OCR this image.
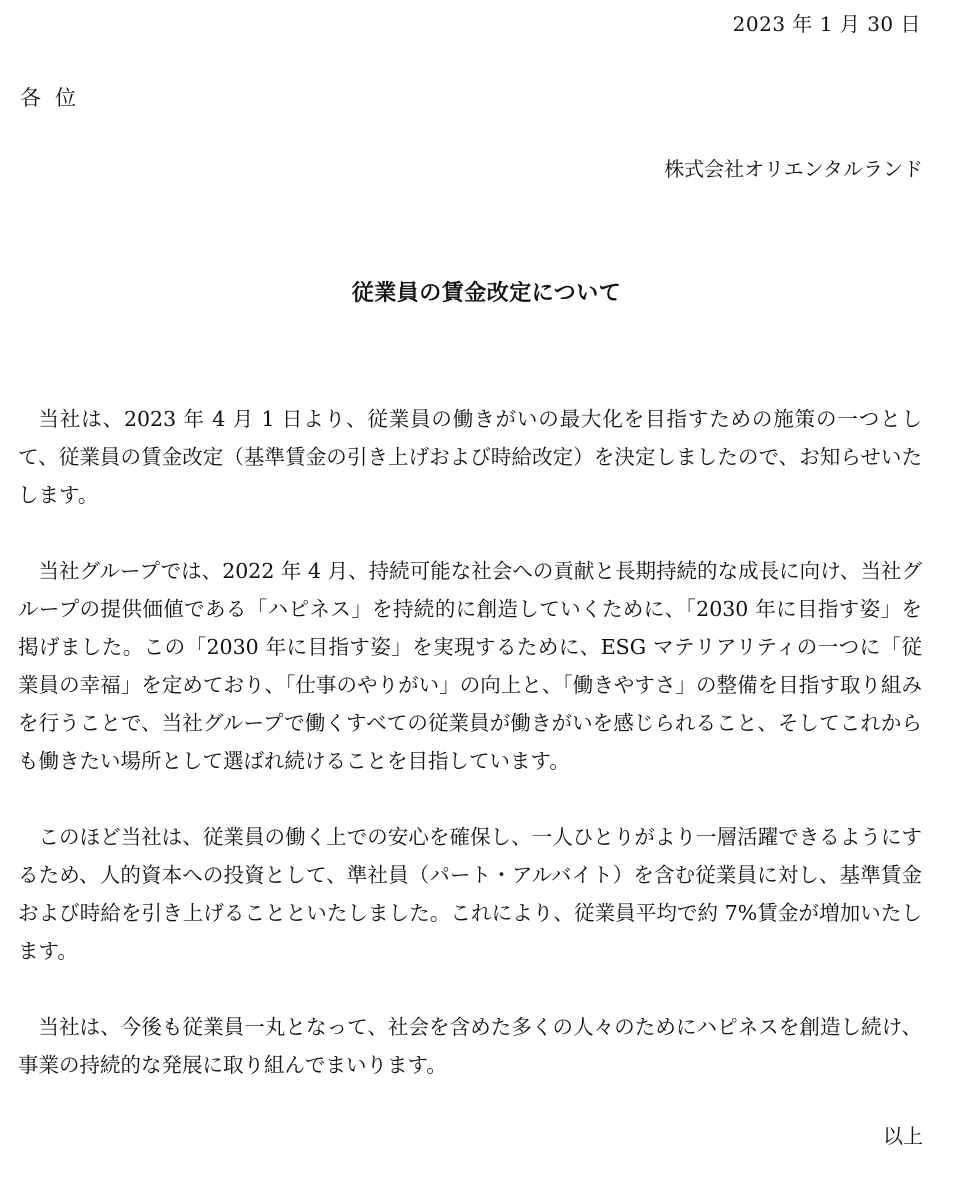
2023 年 1 月 30 日
各位
株式会社オリエンタルランド
従業員の賃金改定について

当社は、2023 年 4 月 1 日より、従業員の働きがいの最大化を目指すための施策の一つとして、従業員の賃金改定（基準賃金の引き上げおよび時給改定）を決定しましたので、お知らせいたします。

当社グループでは、2022 年 4 月、持続可能な社会への貢献と長期持続的な成長に向け、当社グループの提供価値である「ハピネス」を持続的に創造していくために、「2030 年に目指す姿」を掲げました。この「2030 年に目指す姿」を実現するために、ESG マテリアリティの一つに「従業員の幸福」を定めており、「仕事のやりがい」の向上と、「働きやすさ」の整備を目指す取り組みを行うことで、当社グループで働くすべての従業員が働きがいを感じられること、そしてこれからも働きたい場所として選ばれ続けることを目指しています。

このほど当社は、従業員の働く上での安心を確保し、一人ひとりがより一層活躍できるようにするため、人的資本への投資として、準社員（パート・アルバイト）を含む従業員に対し、基準賃金および時給を引き上げることといたしました。これにより、従業員平均で約 7%賃金が増加いたします。

当社は、今後も従業員一丸となって、社会を含めた多くの人々のためにハピネスを創造し続け、事業の持続的な発展に取り組んでまいります。

以上
